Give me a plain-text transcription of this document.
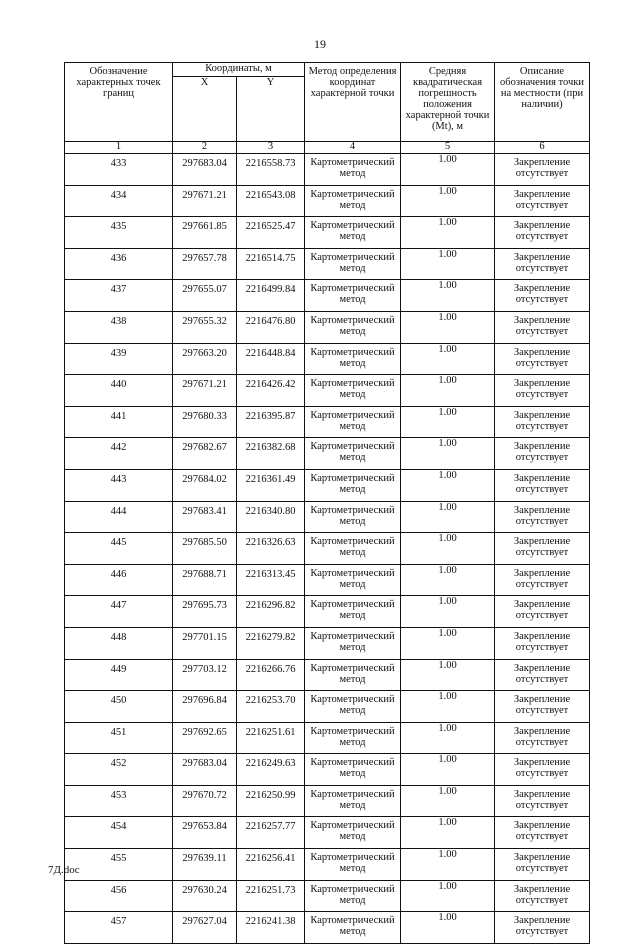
19
Обозначение характерных точек границ	Координаты, м		Метод определения координат характерной точки	Средняя квадратическая погрешность положения характерной точки (Mt), м	Описание обозначения точки на местности (при наличии)
	X	Y			
1	2	3	4	5	6
433	297683.04	2216558.73	Картометрический метод	1.00	Закрепление отсутствует
434	297671.21	2216543.08	Картометрический метод	1.00	Закрепление отсутствует
435	297661.85	2216525.47	Картометрический метод	1.00	Закрепление отсутствует
436	297657.78	2216514.75	Картометрический метод	1.00	Закрепление отсутствует
437	297655.07	2216499.84	Картометрический метод	1.00	Закрепление отсутствует
438	297655.32	2216476.80	Картометрический метод	1.00	Закрепление отсутствует
439	297663.20	2216448.84	Картометрический метод	1.00	Закрепление отсутствует
440	297671.21	2216426.42	Картометрический метод	1.00	Закрепление отсутствует
441	297680.33	2216395.87	Картометрический метод	1.00	Закрепление отсутствует
442	297682.67	2216382.68	Картометрический метод	1.00	Закрепление отсутствует
443	297684.02	2216361.49	Картометрический метод	1.00	Закрепление отсутствует
444	297683.41	2216340.80	Картометрический метод	1.00	Закрепление отсутствует
445	297685.50	2216326.63	Картометрический метод	1.00	Закрепление отсутствует
446	297688.71	2216313.45	Картометрический метод	1.00	Закрепление отсутствует
447	297695.73	2216296.82	Картометрический метод	1.00	Закрепление отсутствует
448	297701.15	2216279.82	Картометрический метод	1.00	Закрепление отсутствует
449	297703.12	2216266.76	Картометрический метод	1.00	Закрепление отсутствует
450	297696.84	2216253.70	Картометрический метод	1.00	Закрепление отсутствует
451	297692.65	2216251.61	Картометрический метод	1.00	Закрепление отсутствует
452	297683.04	2216249.63	Картометрический метод	1.00	Закрепление отсутствует
453	297670.72	2216250.99	Картометрический метод	1.00	Закрепление отсутствует
454	297653.84	2216257.77	Картометрический метод	1.00	Закрепление отсутствует
455	297639.11	2216256.41	Картометрический метод	1.00	Закрепление отсутствует
456	297630.24	2216251.73	Картометрический метод	1.00	Закрепление отсутствует
457	297627.04	2216241.38	Картометрический метод	1.00	Закрепление отсутствует
7Д.doc
